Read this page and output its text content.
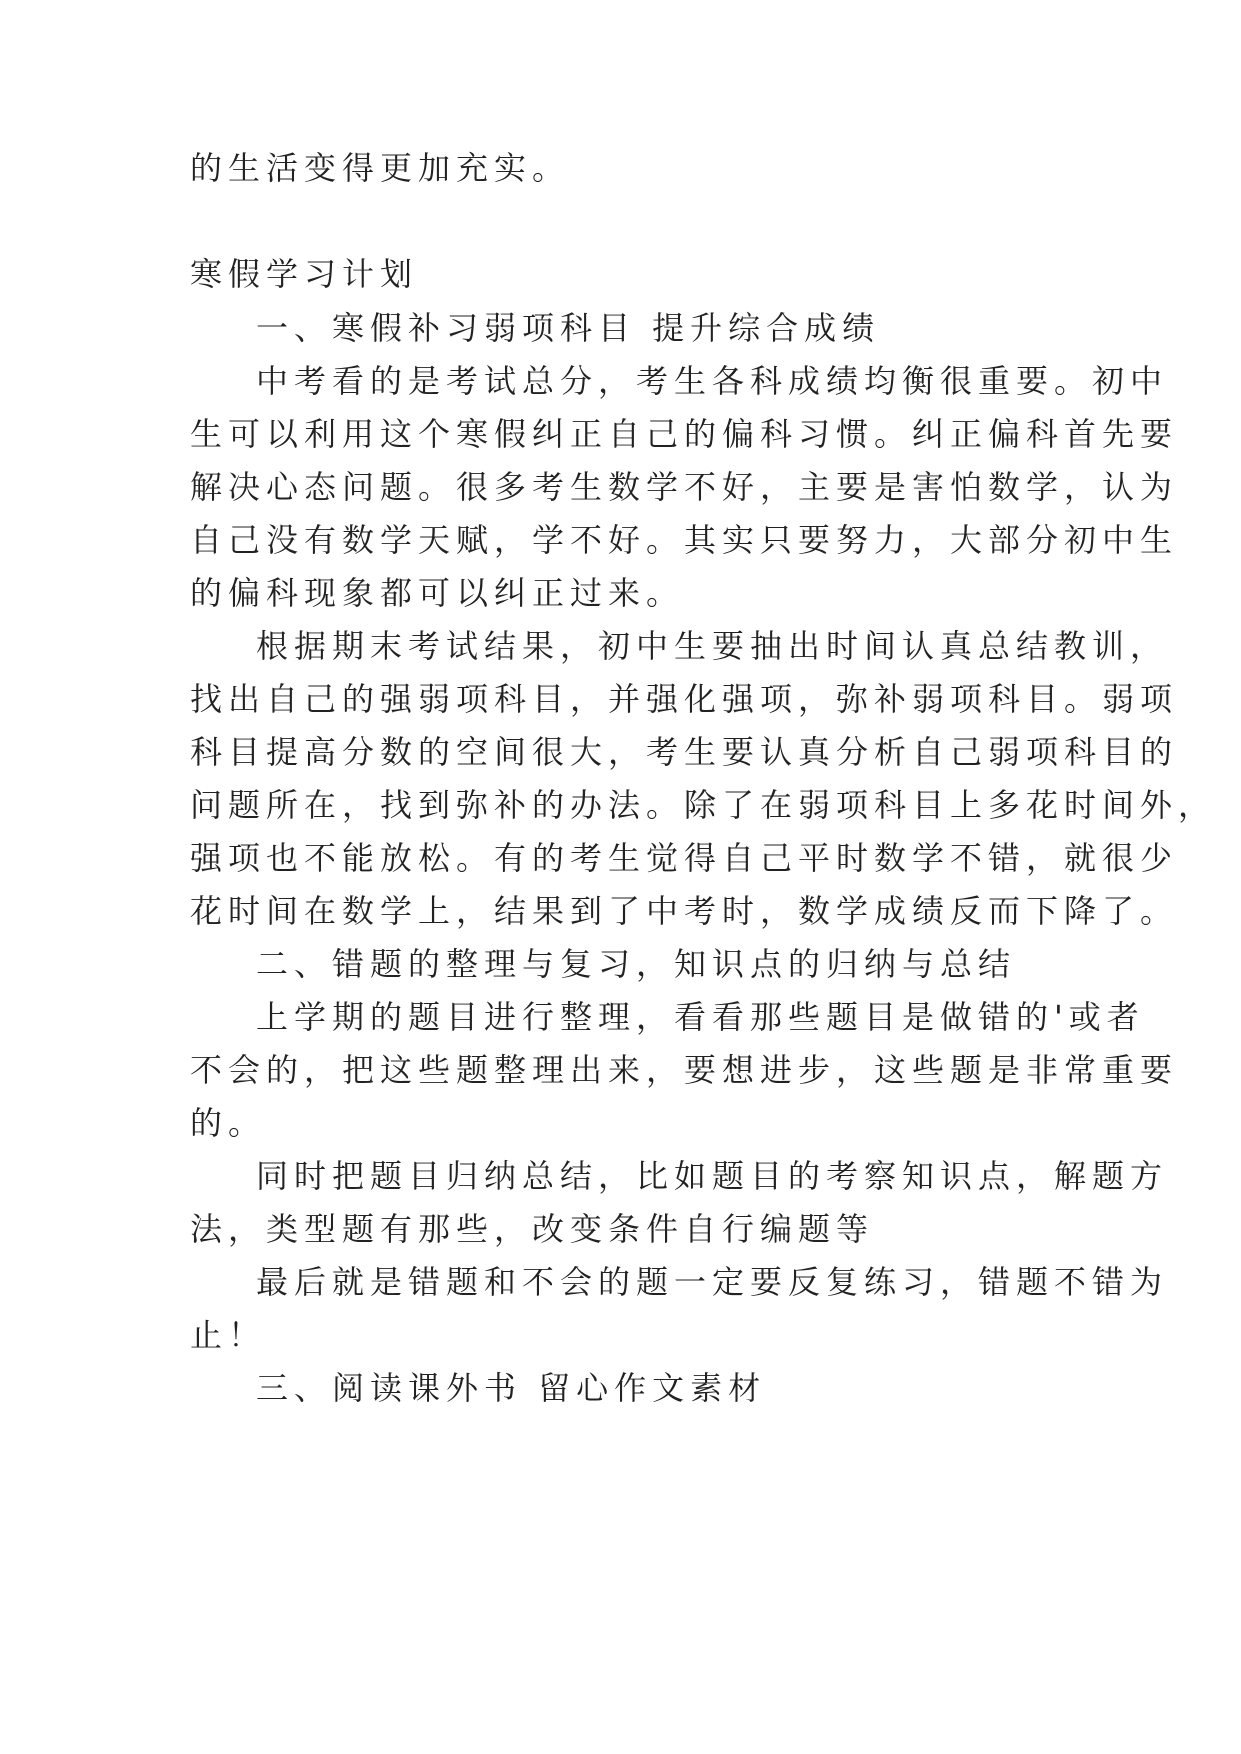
的生活变得更加充实。
寒假学习计划
一、寒假补习弱项科目 提升综合成绩
中考看的是考试总分，考生各科成绩均衡很重要。初中
生可以利用这个寒假纠正自己的偏科习惯。纠正偏科首先要
解决心态问题。很多考生数学不好，主要是害怕数学，认为
自己没有数学天赋，学不好。其实只要努力，大部分初中生
的偏科现象都可以纠正过来。
根据期末考试结果，初中生要抽出时间认真总结教训，
找出自己的强弱项科目，并强化强项，弥补弱项科目。弱项
科目提高分数的空间很大，考生要认真分析自己弱项科目的
问题所在，找到弥补的办法。除了在弱项科目上多花时间外，
强项也不能放松。有的考生觉得自己平时数学不错，就很少
花时间在数学上，结果到了中考时，数学成绩反而下降了。
二、错题的整理与复习，知识点的归纳与总结
上学期的题目进行整理，看看那些题目是做错的'或者
不会的，把这些题整理出来，要想进步，这些题是非常重要
的。
同时把题目归纳总结，比如题目的考察知识点，解题方
法，类型题有那些，改变条件自行编题等
最后就是错题和不会的题一定要反复练习，错题不错为
止！
三、阅读课外书 留心作文素材
